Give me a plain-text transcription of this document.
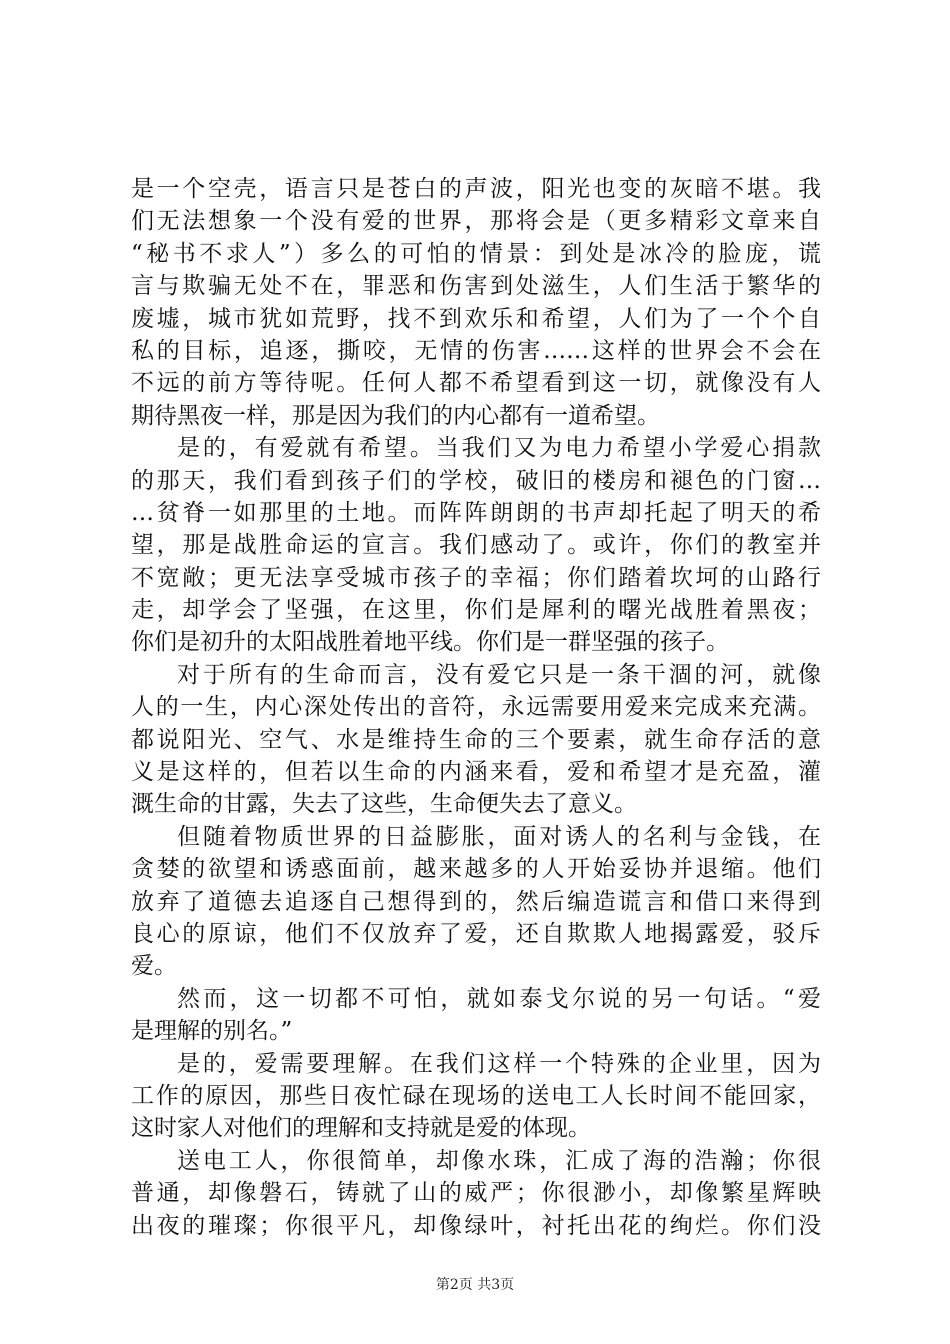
是一个空壳，语言只是苍白的声波，阳光也变的灰暗不堪。我
们无法想象一个没有爱的世界，那将会是（更多精彩文章来自
“秘书不求人”）多么的可怕的情景：到处是冰冷的脸庞，谎
言与欺骗无处不在，罪恶和伤害到处滋生，人们生活于繁华的
废墟，城市犹如荒野，找不到欢乐和希望，人们为了一个个自
私的目标，追逐，撕咬，无情的伤害……这样的世界会不会在
不远的前方等待呢。任何人都不希望看到这一切，就像没有人
期待黑夜一样，那是因为我们的内心都有一道希望。
是的，有爱就有希望。当我们又为电力希望小学爱心捐款
的那天，我们看到孩子们的学校，破旧的楼房和褪色的门窗…
…贫脊一如那里的土地。而阵阵朗朗的书声却托起了明天的希
望，那是战胜命运的宣言。我们感动了。或许，你们的教室并
不宽敞；更无法享受城市孩子的幸福；你们踏着坎坷的山路行
走，却学会了坚强，在这里，你们是犀利的曙光战胜着黑夜；
你们是初升的太阳战胜着地平线。你们是一群坚强的孩子。
对于所有的生命而言，没有爱它只是一条干涸的河，就像
人的一生，内心深处传出的音符，永远需要用爱来完成来充满。
都说阳光、空气、水是维持生命的三个要素，就生命存活的意
义是这样的，但若以生命的内涵来看，爱和希望才是充盈，灌
溉生命的甘露，失去了这些，生命便失去了意义。
但随着物质世界的日益膨胀，面对诱人的名利与金钱，在
贪婪的欲望和诱惑面前，越来越多的人开始妥协并退缩。他们
放弃了道德去追逐自己想得到的，然后编造谎言和借口来得到
良心的原谅，他们不仅放弃了爱，还自欺欺人地揭露爱，驳斥
爱。
然而，这一切都不可怕，就如泰戈尔说的另一句话。“爱
是理解的别名。”
是的，爱需要理解。在我们这样一个特殊的企业里，因为
工作的原因，那些日夜忙碌在现场的送电工人长时间不能回家，
这时家人对他们的理解和支持就是爱的体现。
送电工人，你很简单，却像水珠，汇成了海的浩瀚；你很
普通，却像磐石，铸就了山的威严；你很渺小，却像繁星辉映
出夜的璀璨；你很平凡，却像绿叶，衬托出花的绚烂。你们没
第2页 共3页
